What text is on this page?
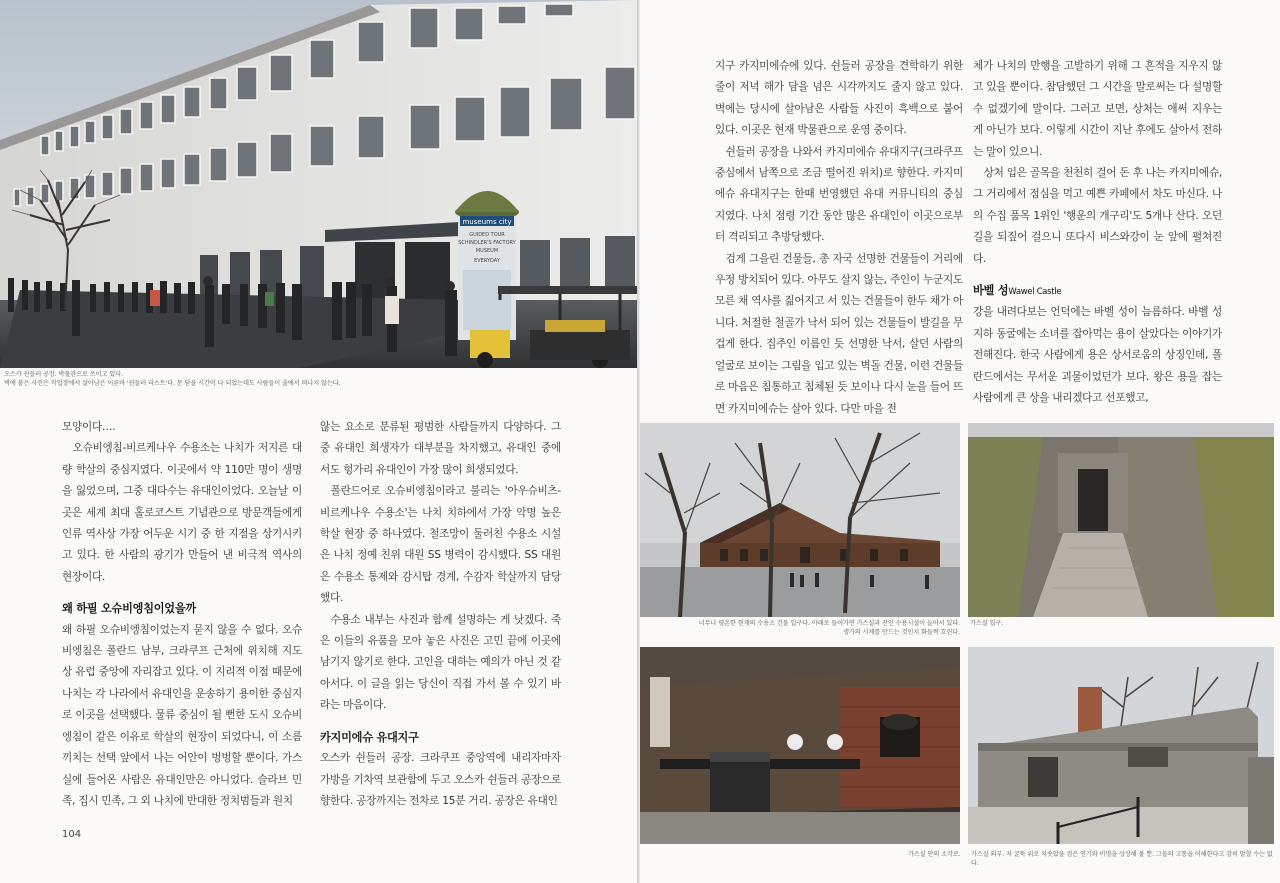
museums city
GUIDED TOUR
SCHINDLER'S FACTORY
MUSEUM
EVERYDAY
오스카 쉰들러 공장. 박물관으로 쓰이고 있다.
벽에 붙은 사진은 작업장에서 살아남은 이른바 '쉰들러 리스트'다. 문 닫을 시간이 다 되었는데도 사람들이 줄에서 떠나지 않는다.

모양이다….

오슈비엥침-비르케나우 수용소는 나치가 저지른 대량 학살의 중심지였다. 이곳에서 약 110만 명이 생명을 잃었으며, 그중 대다수는 유대인이었다. 오늘날 이곳은 세계 최대 홀로코스트 기념관으로 방문객들에게 인류 역사상 가장 어두운 시기 중 한 지점을 상기시키고 있다. 한 사람의 광기가 만들어 낸 비극적 역사의 현장이다.

왜 하필 오슈비엥침이었을까

왜 하필 오슈비엥침이었는지 묻지 않을 수 없다. 오슈비엥침은 폴란드 남부, 크라쿠프 근처에 위치해 지도상 유럽 중앙에 자리잡고 있다. 이 지리적 이점 때문에 나치는 각 나라에서 유대인을 운송하기 용이한 중심지로 이곳을 선택했다. 물류 중심이 될 뻔한 도시 오슈비엥침이 같은 이유로 학살의 현장이 되었다니, 이 소름끼치는 선택 앞에서 나는 어안이 벙벙할 뿐이다. 가스실에 들어온 사람은 유대인만은 아니었다. 슬라브 민족, 집시 민족, 그 외 나치에 반대한 정치범들과 원치

않는 요소로 분류된 평범한 사람들까지 다양하다. 그중 유대인 희생자가 대부분을 차지했고, 유대인 중에서도 헝가리 유대인이 가장 많이 희생되었다.

폴란드어로 오슈비엥침이라고 불리는 '아우슈비츠-비르케나우 수용소'는 나치 치하에서 가장 악명 높은 학살 현장 중 하나였다. 철조망이 둘러친 수용소 시설은 나치 정예 친위 대원 SS 병력이 감시했다. SS 대원은 수용소 통제와 감시탑 경계, 수감자 학살까지 담당했다.

수용소 내부는 사진과 함께 설명하는 게 낫겠다. 죽은 이들의 유품을 모아 놓은 사진은 고민 끝에 이곳에 남기지 않기로 한다. 고인을 대하는 예의가 아닌 것 같아서다. 이 글을 읽는 당신이 직접 가서 볼 수 있기 바라는 마음이다.

카지미에슈 유대지구

오스카 쉰들러 공장. 크라쿠프 중앙역에 내리자마자 가방을 기차역 보관함에 두고 오스카 쉰들러 공장으로 향한다. 공장까지는 전차로 15분 거리. 공장은 유대인

104

지구 카지미에슈에 있다. 쉰들러 공장을 견학하기 위한 줄이 저녁 해가 담을 넘은 시각까지도 줄지 않고 있다. 벽에는 당시에 살아남은 사람들 사진이 흑백으로 붙어 있다. 이곳은 현재 박물관으로 운영 중이다.

쉰들러 공장을 나와서 카지미에슈 유대지구(크라쿠프 중심에서 남쪽으로 조금 떨어진 위치)로 향한다. 카지미에슈 유대지구는 한때 번영했던 유대 커뮤니티의 중심지였다. 나치 점령 기간 동안 많은 유대인이 이곳으로부터 격리되고 추방당했다.

검게 그을린 건물들, 총 자국 선명한 건물들이 거리에 우정 방치되어 있다. 아무도 살지 않는, 주인이 누군지도 모른 채 역사를 짊어지고 서 있는 건물들이 한두 채가 아니다. 처절한 철골가 낙서 되어 있는 건물들이 발길을 무겁게 한다. 집주인 이름인 듯 선명한 낙서, 살던 사람의 얼굴로 보이는 그림을 입고 있는 벽돌 건물, 이런 건물들로 마음은 침통하고 침체된 듯 보이나 다시 눈을 들어 뜨면 카지미에슈는 살아 있다. 다만 마을 전

체가 나치의 만행을 고발하기 위해 그 흔적을 지우지 않고 있을 뿐이다. 참담했던 그 시간을 말로써는 다 설명할 수 없겠기에 말이다. 그러고 보면, 상처는 애써 지우는 게 아닌가 보다. 이렇게 시간이 지난 후에도 살아서 전하는 말이 있으니.

상처 입은 골목을 천천히 걸어 돈 후 나는 카지미에슈, 그 거리에서 점심을 먹고 예쁜 카페에서 차도 마신다. 나의 수집 품목 1위인 '행운의 개구리'도 5개나 산다. 오던 길을 되짚어 걸으니 또다시 비스와강이 눈 앞에 펼쳐진다.

바벨 성Wawel Castle

강을 내려다보는 언덕에는 바벨 성이 늠름하다. 바벨 성 지하 동굴에는 소녀를 잡아먹는 용이 살았다는 이야기가 전해진다. 한국 사람에게 용은 상서로움의 상징인데, 폴란드에서는 무서운 괴물이었던가 보다. 왕은 용을 잡는 사람에게 큰 상을 내리겠다고 선포했고,

너무나 평온한 현재의 수용소 건물 입구다. 아래로 들어가면 가스실과 잔인 수용시설이 늘어서 있다.
생가의 시체를 만드는 것인지 화들짝 흐린다.
가스실 입구.
가스실 안의 소각로. 가스실 외부. 저 굴뚝 위로 치솟았을 검은 연기와 비명을 상상해 볼 뿐. 그들의 고통을 이해한다고 감히 말할 수는 없다.
